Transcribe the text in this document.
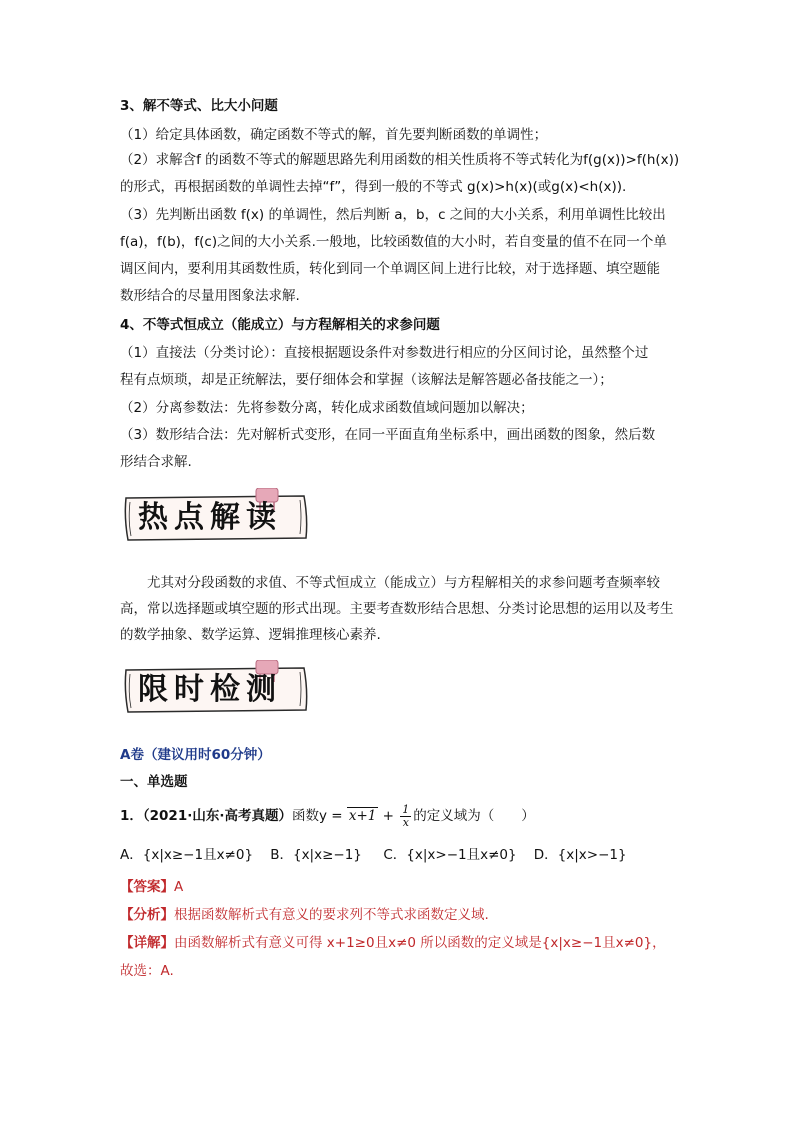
3、解不等式、比大小问题
（1）给定具体函数，确定函数不等式的解，首先要判断函数的单调性；
（2）求解含f 的函数不等式的解题思路先利用函数的相关性质将不等式转化为f(g(x))>f(h(x))
的形式，再根据函数的单调性去掉“f”，得到一般的不等式 g(x)>h(x)(或g(x)<h(x)).
（3）先判断出函数 f(x) 的单调性，然后判断 a，b，c 之间的大小关系，利用单调性比较出
f(a)，f(b)，f(c)之间的大小关系.一般地，比较函数值的大小时，若自变量的值不在同一个单
调区间内，要利用其函数性质，转化到同一个单调区间上进行比较，对于选择题、填空题能
数形结合的尽量用图象法求解.
4、不等式恒成立（能成立）与方程解相关的求参问题
（1）直接法（分类讨论）：直接根据题设条件对参数进行相应的分区间讨论，虽然整个过
程有点烦琐，却是正统解法，要仔细体会和掌握（该解法是解答题必备技能之一）；
（2）分离参数法：先将参数分离，转化成求函数值域问题加以解决；
（3）数形结合法：先对解析式变形，在同一平面直角坐标系中，画出函数的图象，然后数
形结合求解.
热点解读
尤其对分段函数的求值、不等式恒成立（能成立）与方程解相关的求参问题考查频率较高，常以选择题或填空题的形式出现。主要考查数形结合思想、分类讨论思想的运用以及考生的数学抽象、数学运算、逻辑推理核心素养.
限时检测
A卷（建议用时60分钟）
一、单选题
1．（2021·山东·高考真题）函数$y = x+1 + \frac{1}{x}$ 的定义域为（　　）
A．{x|x≥−1且x≠0} B．{x|x≥−1} C．{x|x>−1且x≠0} D．{x|x>−1}
【答案】A
【分析】根据函数解析式有意义的要求列不等式求函数定义域.
【详解】由函数解析式有意义可得 x+1≥0且x≠0 所以函数的定义域是{x|x≥−1且x≠0}，
故选：A.
